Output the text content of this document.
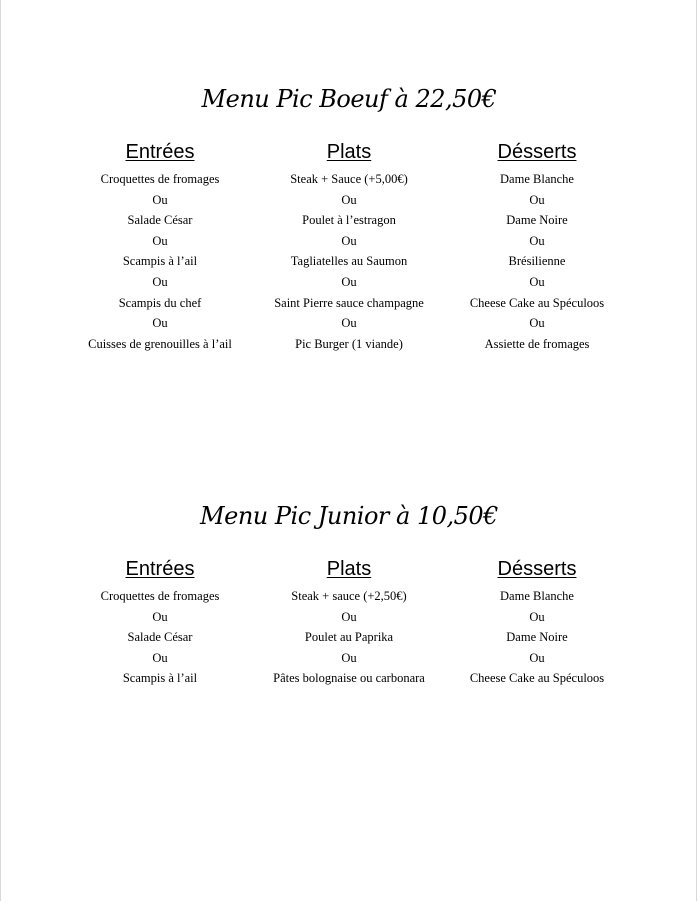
Menu Pic Boeuf à 22,50€
Entrées
Croquettes de fromages
Ou
Salade César
Ou
Scampis à l’ail
Ou
Scampis du chef
Ou
Cuisses de grenouilles à l’ail
Plats
Steak + Sauce (+5,00€)
Ou
Poulet à l’estragon
Ou
Tagliatelles au Saumon
Ou
Saint Pierre sauce champagne
Ou
Pic Burger (1 viande)
Désserts
Dame Blanche
Ou
Dame Noire
Ou
Brésilienne
Ou
Cheese Cake au Spéculoos
Ou
Assiette de fromages
Menu Pic Junior à 10,50€
Entrées
Croquettes de fromages
Ou
Salade César
Ou
Scampis à l’ail
Plats
Steak + sauce (+2,50€)
Ou
Poulet au Paprika
Ou
Pâtes bolognaise ou carbonara
Désserts
Dame Blanche
Ou
Dame Noire
Ou
Cheese Cake au Spéculoos
